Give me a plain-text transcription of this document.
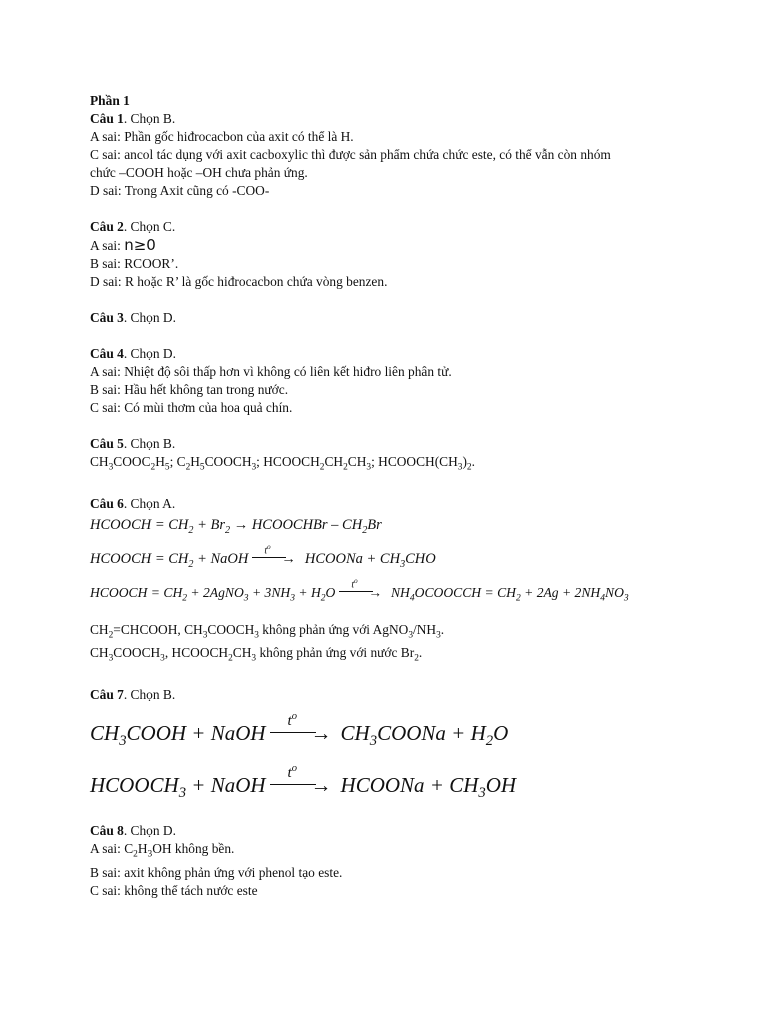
Phần 1
Câu 1. Chọn B.
A sai: Phần gốc hiđrocacbon của axit có thể là H.
C sai: ancol tác dụng với axit cacboxylic thì được sản phẩm chứa chức este, có thể vẫn còn nhóm
chức –COOH hoặc –OH chưa phản ứng.
D sai: Trong Axit cũng có -COO-
Câu 2. Chọn C.
A sai: n≥0
B sai: RCOOR’.
D sai: R hoặc R’ là gốc hiđrocacbon chứa vòng benzen.
Câu 3. Chọn D.
Câu 4. Chọn D.
A sai: Nhiệt độ sôi thấp hơn vì không có liên kết hiđro liên phân tử.
B sai: Hầu hết không tan trong nước.
C sai: Có mùi thơm của hoa quả chín.
Câu 5. Chọn B.
$CH_3COOC_2H_5$; $C_2H_5COOCH_3$; $HCOOCH_2CH_2CH_3$; $HCOOCH(CH_3)_2$.
Câu 6. Chọn A.
HCOOCH = $CH_2 + Br_2$ → HCOOCHBr – $CH_2Br$
HCOOCH = $CH_2$ + NaOH
$t^o$
→ HCOONa + $CH_3CHO$
HCOOCH = $CH_2$ + 2AgNO$_3$ + $3NH_3 + H_2O$
$t^o$
→ $NH_4OCOOCCH = CH_2 + 2Ag + 2NH_4NO_3$
$CH_2=CHCOOH$, $CH_3COOCH_3$ không phản ứng với $AgNO_3/NH_3$.
$CH_3COOCH_3$, $HCOOCH_2CH_3$ không phản ứng với nước $Br_2$.
Câu 7. Chọn B.
$CH_3COOH$ + NaOH $t^o$
→ $CH_3COONa + H_2O$
$HCOOCH_3$ + NaOH $t^o$
→ HCOONa + $CH_3OH$
Câu 8. Chọn D.
A sai: $C_2H_3OH$ không bền.
B sai: axit không phản ứng với phenol tạo este.
C sai: không thể tách nước este
